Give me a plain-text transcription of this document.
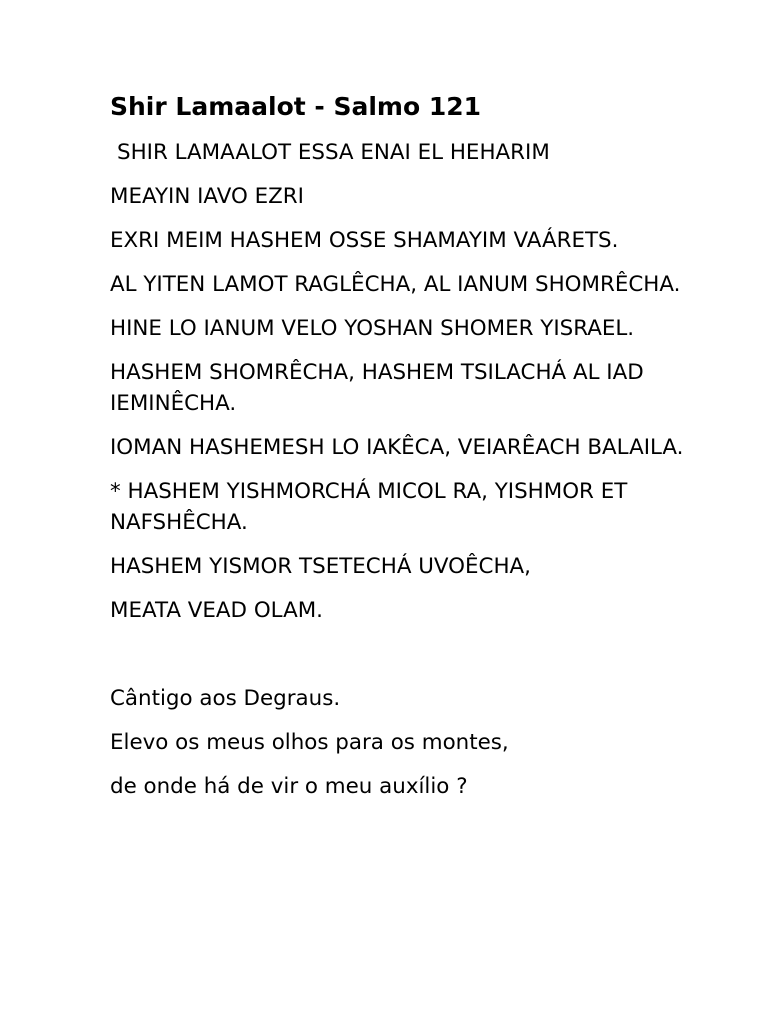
Shir Lamaalot - Salmo 121
SHIR LAMAALOT ESSA ENAI EL HEHARIM
MEAYIN IAVO EZRI
EXRI MEIM HASHEM OSSE SHAMAYIM VAÁRETS.
AL YITEN LAMOT RAGLÊCHA, AL IANUM SHOMRÊCHA.
HINE LO IANUM VELO YOSHAN SHOMER YISRAEL.
HASHEM SHOMRÊCHA, HASHEM TSILACHÁ AL IAD IEMINÊCHA.
IOMAN HASHEMESH LO IAKÊCA, VEIARÊACH BALAILA.
* HASHEM YISHMORCHÁ MICOL RA, YISHMOR ET NAFSHÊCHA.
HASHEM YISMOR TSETECHÁ UVOÊCHA,
MEATA VEAD OLAM.
Cântigo aos Degraus.
Elevo os meus olhos para os montes,
de onde há de vir o meu auxílio ?
